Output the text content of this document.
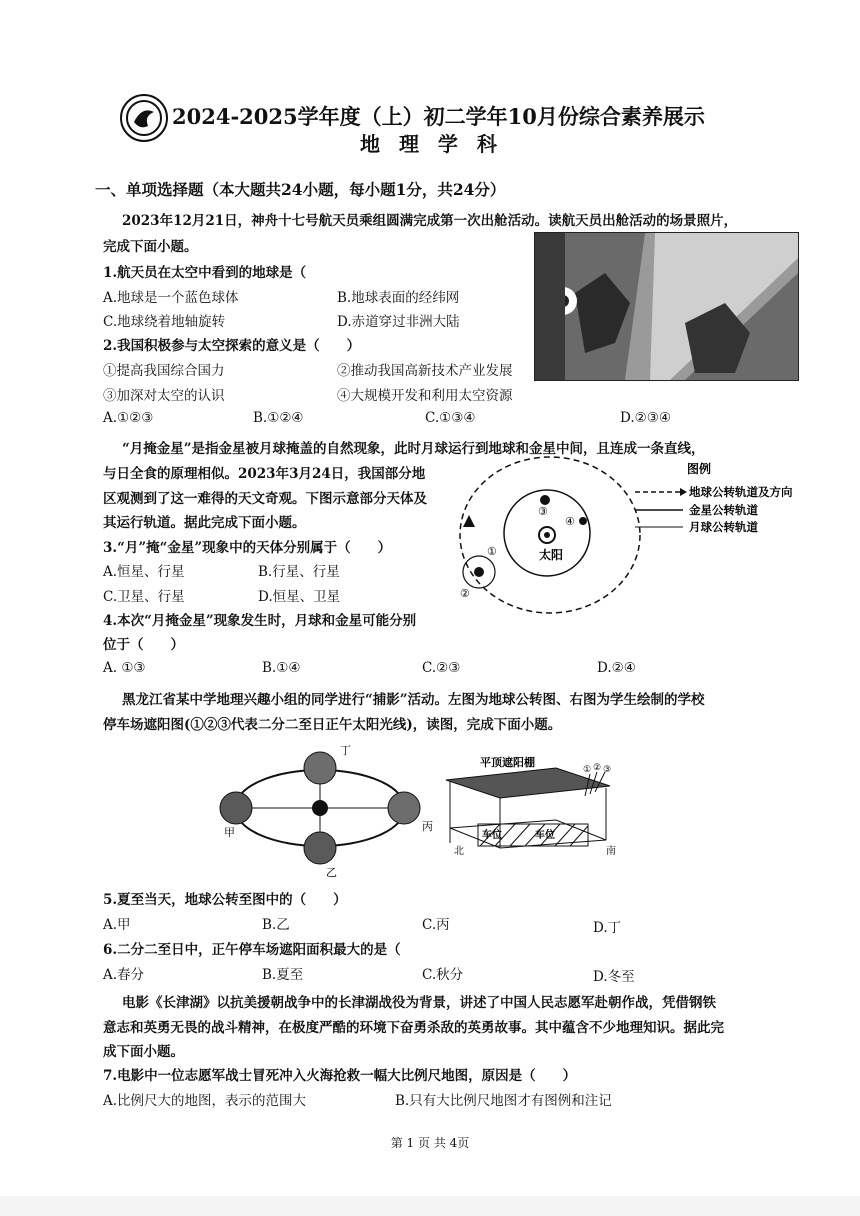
2024-2025学年度（上）初二学年10月份综合素养展示
地 理 学 科
一、单项选择题（本大题共24小题，每小题1分，共24分）
2023年12月21日，神舟十七号航天员乘组圆满完成第一次出舱活动。读航天员出舱活动的场景照片，
完成下面小题。
1.航天员在太空中看到的地球是（
A.地球是一个蓝色球体	B.地球表面的经纬网
C.地球绕着地轴旋转	D.赤道穿过非洲大陆
2.我国积极参与太空探索的意义是（　　）
①提高我国综合国力	②推动我国高新技术产业发展
③加深对太空的认识	④大规模开发和利用太空资源
A.①②③	B.①②④	C.①③④	D.②③④
“月掩金星”是指金星被月球掩盖的自然现象，此时月球运行到地球和金星中间，且连成一条直线，
与日全食的原理相似。2023年3月24日，我国部分地
区观测到了这一难得的天文奇观。下图示意部分天体及
其运行轨道。据此完成下面小题。
太阳
③
④
①
②
图例
地球公转轨道及方向
金星公转轨道
月球公转轨道
3.“月”掩“金星”现象中的天体分别属于（　　）
A.恒星、行星	B.行星、行星
C.卫星、行星	D.恒星、卫星
4.本次“月掩金星”现象发生时，月球和金星可能分别
位于（　　）
A. ①③	B.①④	C.②③	D.②④
黑龙江省某中学地理兴趣小组的同学进行“捕影”活动。左图为地球公转图、右图为学生绘制的学校
停车场遮阳图(①②③代表二分二至日正午太阳光线)，读图，完成下面小题。
丁
乙
甲	丙
平顶遮阳棚
车位	车位
北	南
① ② ③
5.夏至当天，地球公转至图中的（　　）
A.甲	B.乙	C.丙	D.丁
6.二分二至日中，正午停车场遮阳面积最大的是（
A.春分	B.夏至	C.秋分	D.冬至
电影《长津湖》以抗美援朝战争中的长津湖战役为背景，讲述了中国人民志愿军赴朝作战，凭借钢铁
意志和英勇无畏的战斗精神，在极度严酷的环境下奋勇杀敌的英勇故事。其中蕴含不少地理知识。据此完
成下面小题。
7.电影中一位志愿军战士冒死冲入火海抢救一幅大比例尺地图，原因是（　　）
A.比例尺大的地图，表示的范围大	B.只有大比例尺地图才有图例和注记
第 1 页 共 4页
